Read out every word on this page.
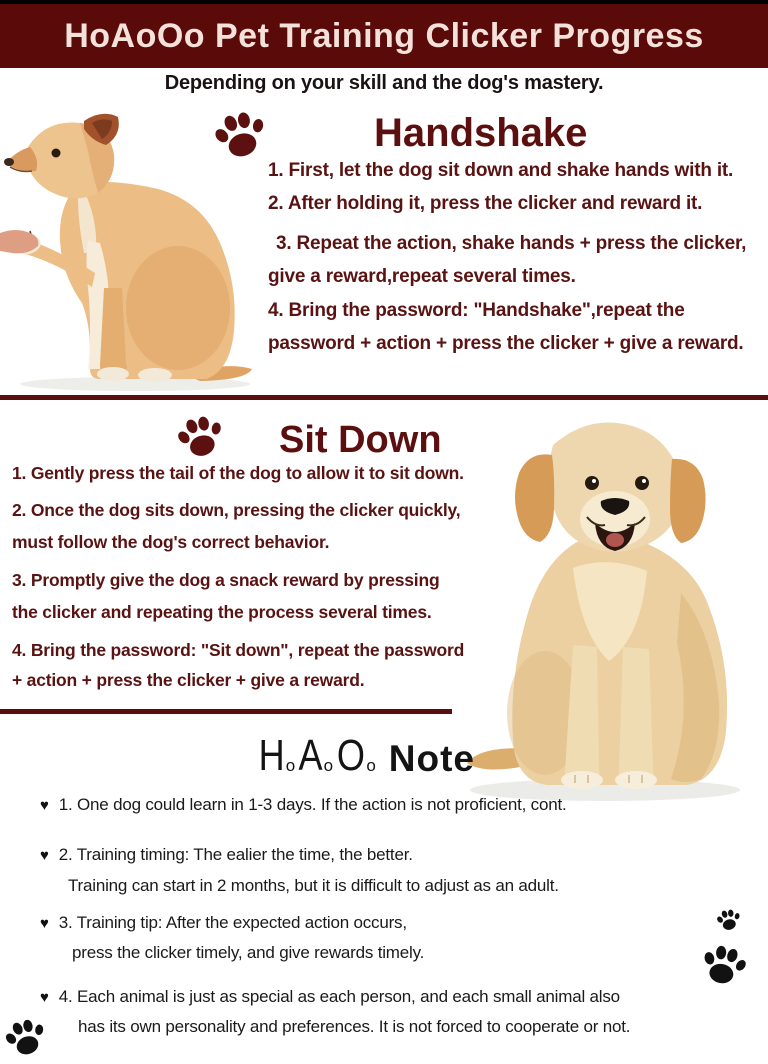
HoAoOo Pet Training Clicker Progress
Depending on your skill and the dog's mastery.
Handshake
1. First, let the dog sit down and shake hands with it.
2. After holding it, press the clicker and reward it.
3. Repeat the action, shake hands + press the clicker,
give a reward,repeat several times.
4. Bring the password: "Handshake",repeat the
password + action + press the clicker + give a reward.
Sit Down
1. Gently press the tail of the dog to allow it to sit down.
2. Once the dog sits down, pressing the clicker quickly,
must follow the dog's correct behavior.
3. Promptly give the dog a snack reward by pressing
the clicker and repeating the process several times.
4. Bring the password: "Sit down", repeat the password
+ action + press the clicker + give a reward.
H o A o O o Note
♥ 1. One dog could learn in 1-3 days. If the action is not proficient, cont.
♥ 2. Training timing: The ealier the time, the better.
Training can start in 2 months, but it is difficult to adjust as an adult.
♥ 3. Training tip: After the expected action occurs,
press the clicker timely, and give rewards timely.
♥ 4. Each animal is just as special as each person, and each small animal also
has its own personality and preferences. It is not forced to cooperate or not.
